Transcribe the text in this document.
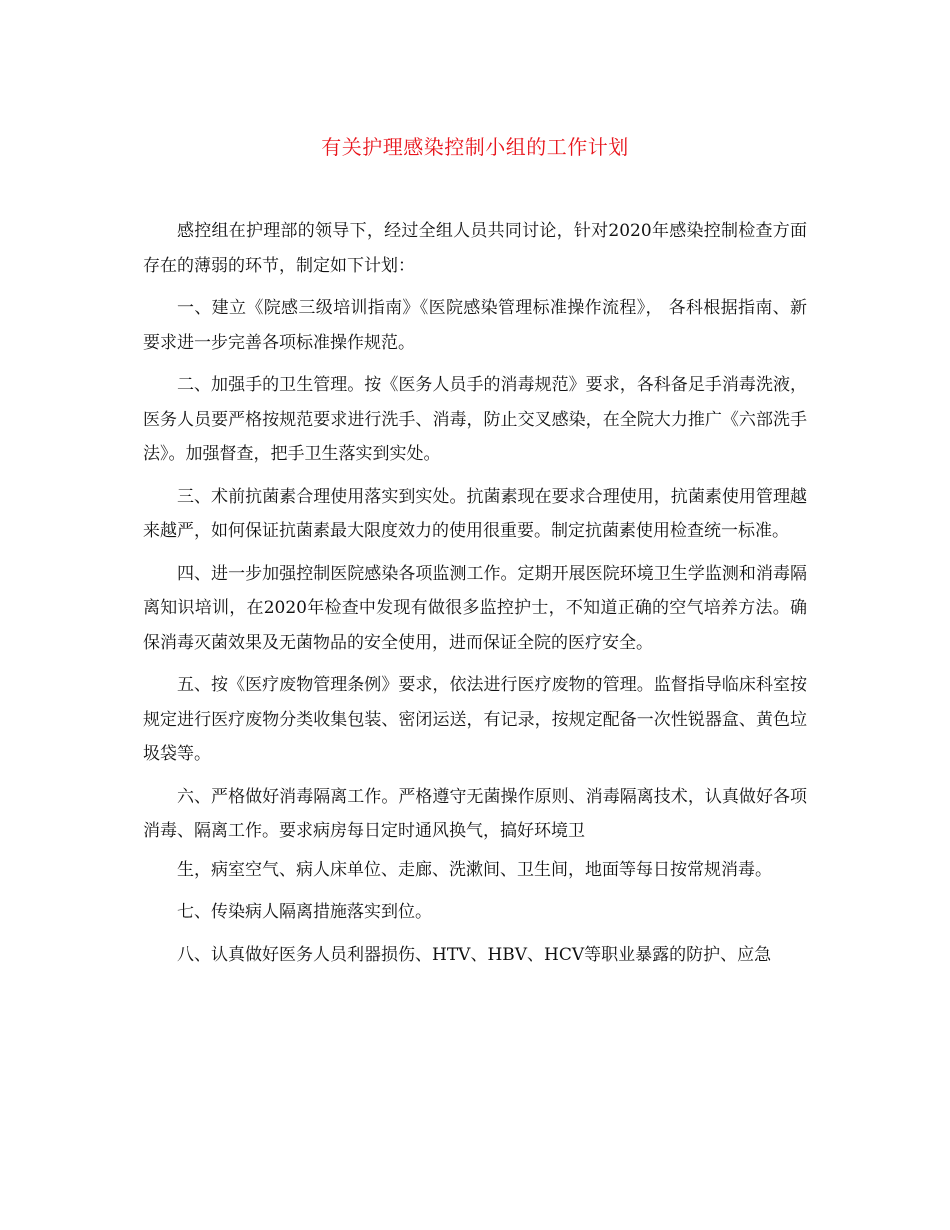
有关护理感染控制小组的工作计划

感控组在护理部的领导下，经过全组人员共同讨论，针对2020年感染控制检查方面存在的薄弱的环节，制定如下计划：

一、建立《院感三级培训指南》《医院感染管理标准操作流程》， 各科根据指南、新要求进一步完善各项标准操作规范。

二、加强手的卫生管理。按《医务人员手的消毒规范》要求，各科备足手消毒洗液，医务人员要严格按规范要求进行洗手、消毒，防止交叉感染，在全院大力推广《六部洗手法》。加强督查，把手卫生落实到实处。

三、术前抗菌素合理使用落实到实处。抗菌素现在要求合理使用，抗菌素使用管理越来越严，如何保证抗菌素最大限度效力的使用很重要。制定抗菌素使用检查统一标准。

四、进一步加强控制医院感染各项监测工作。定期开展医院环境卫生学监测和消毒隔离知识培训，在2020年检查中发现有做很多监控护士，不知道正确的空气培养方法。确保消毒灭菌效果及无菌物品的安全使用，进而保证全院的医疗安全。

五、按《医疗废物管理条例》要求，依法进行医疗废物的管理。监督指导临床科室按规定进行医疗废物分类收集包装、密闭运送，有记录，按规定配备一次性锐器盒、黄色垃圾袋等。

六、严格做好消毒隔离工作。严格遵守无菌操作原则、消毒隔离技术，认真做好各项消毒、隔离工作。要求病房每日定时通风换气，搞好环境卫

生，病室空气、病人床单位、走廊、洗漱间、卫生间，地面等每日按常规消毒。

七、传染病人隔离措施落实到位。

八、认真做好医务人员利器损伤、HTV、HBV、HCV等职业暴露的防护、应急
